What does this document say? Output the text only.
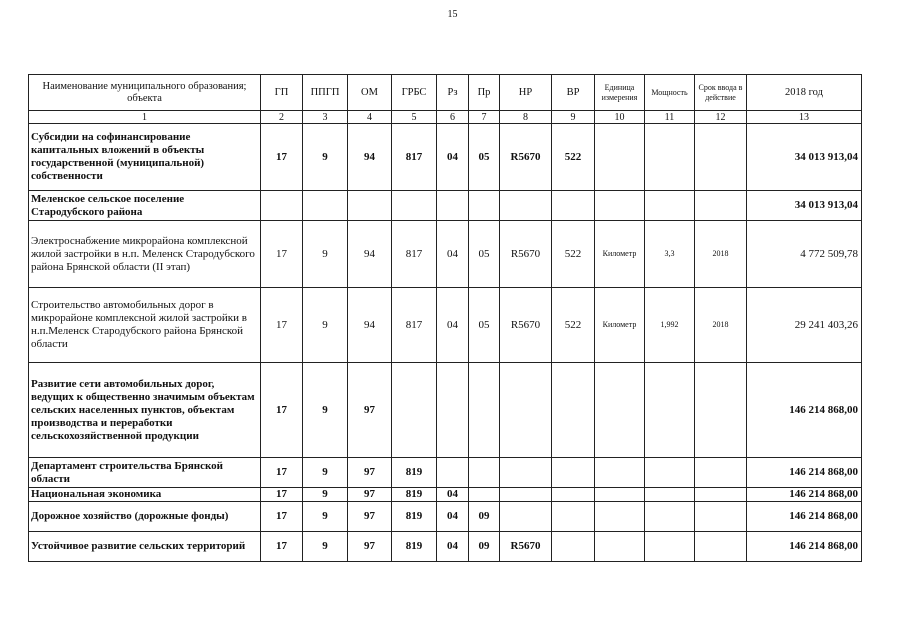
15
Наименование муниципального образования; объекта	ГП	ППГП	ОМ	ГРБС	Рз	Пр	НР	ВР	Единица измерения	Мощность	Срок ввода в действие	2018 год
1	2	3	4	5	6	7	8	9	10	11	12	13
Субсидии на софинансирование капитальных вложений в объекты государственной (муниципальной) собственности	17	9	94	817	04	05	R5670	522				34 013 913,04
Меленское сельское поселение Стародубского района												34 013 913,04
Электроснабжение микрорайона комплексной жилой застройки в н.п. Меленск Стародубского района Брянской области (II этап)	17	9	94	817	04	05	R5670	522	Километр	3,3	2018	4 772 509,78
Строительство автомобильных дорог в микрорайоне комплексной жилой застройки в н.п.Меленск Стародубского района Брянской области	17	9	94	817	04	05	R5670	522	Километр	1,992	2018	29 241 403,26
Развитие сети автомобильных дорог, ведущих к общественно значимым объектам сельских населенных пунктов, объектам производства и переработки сельскохозяйственной продукции	17	9	97									146 214 868,00
Департамент строительства Брянской области	17	9	97	819								146 214 868,00
Национальная экономика	17	9	97	819	04							146 214 868,00
Дорожное хозяйство (дорожные фонды)	17	9	97	819	04	09						146 214 868,00
Устойчивое развитие сельских территорий	17	9	97	819	04	09	R5670					146 214 868,00
